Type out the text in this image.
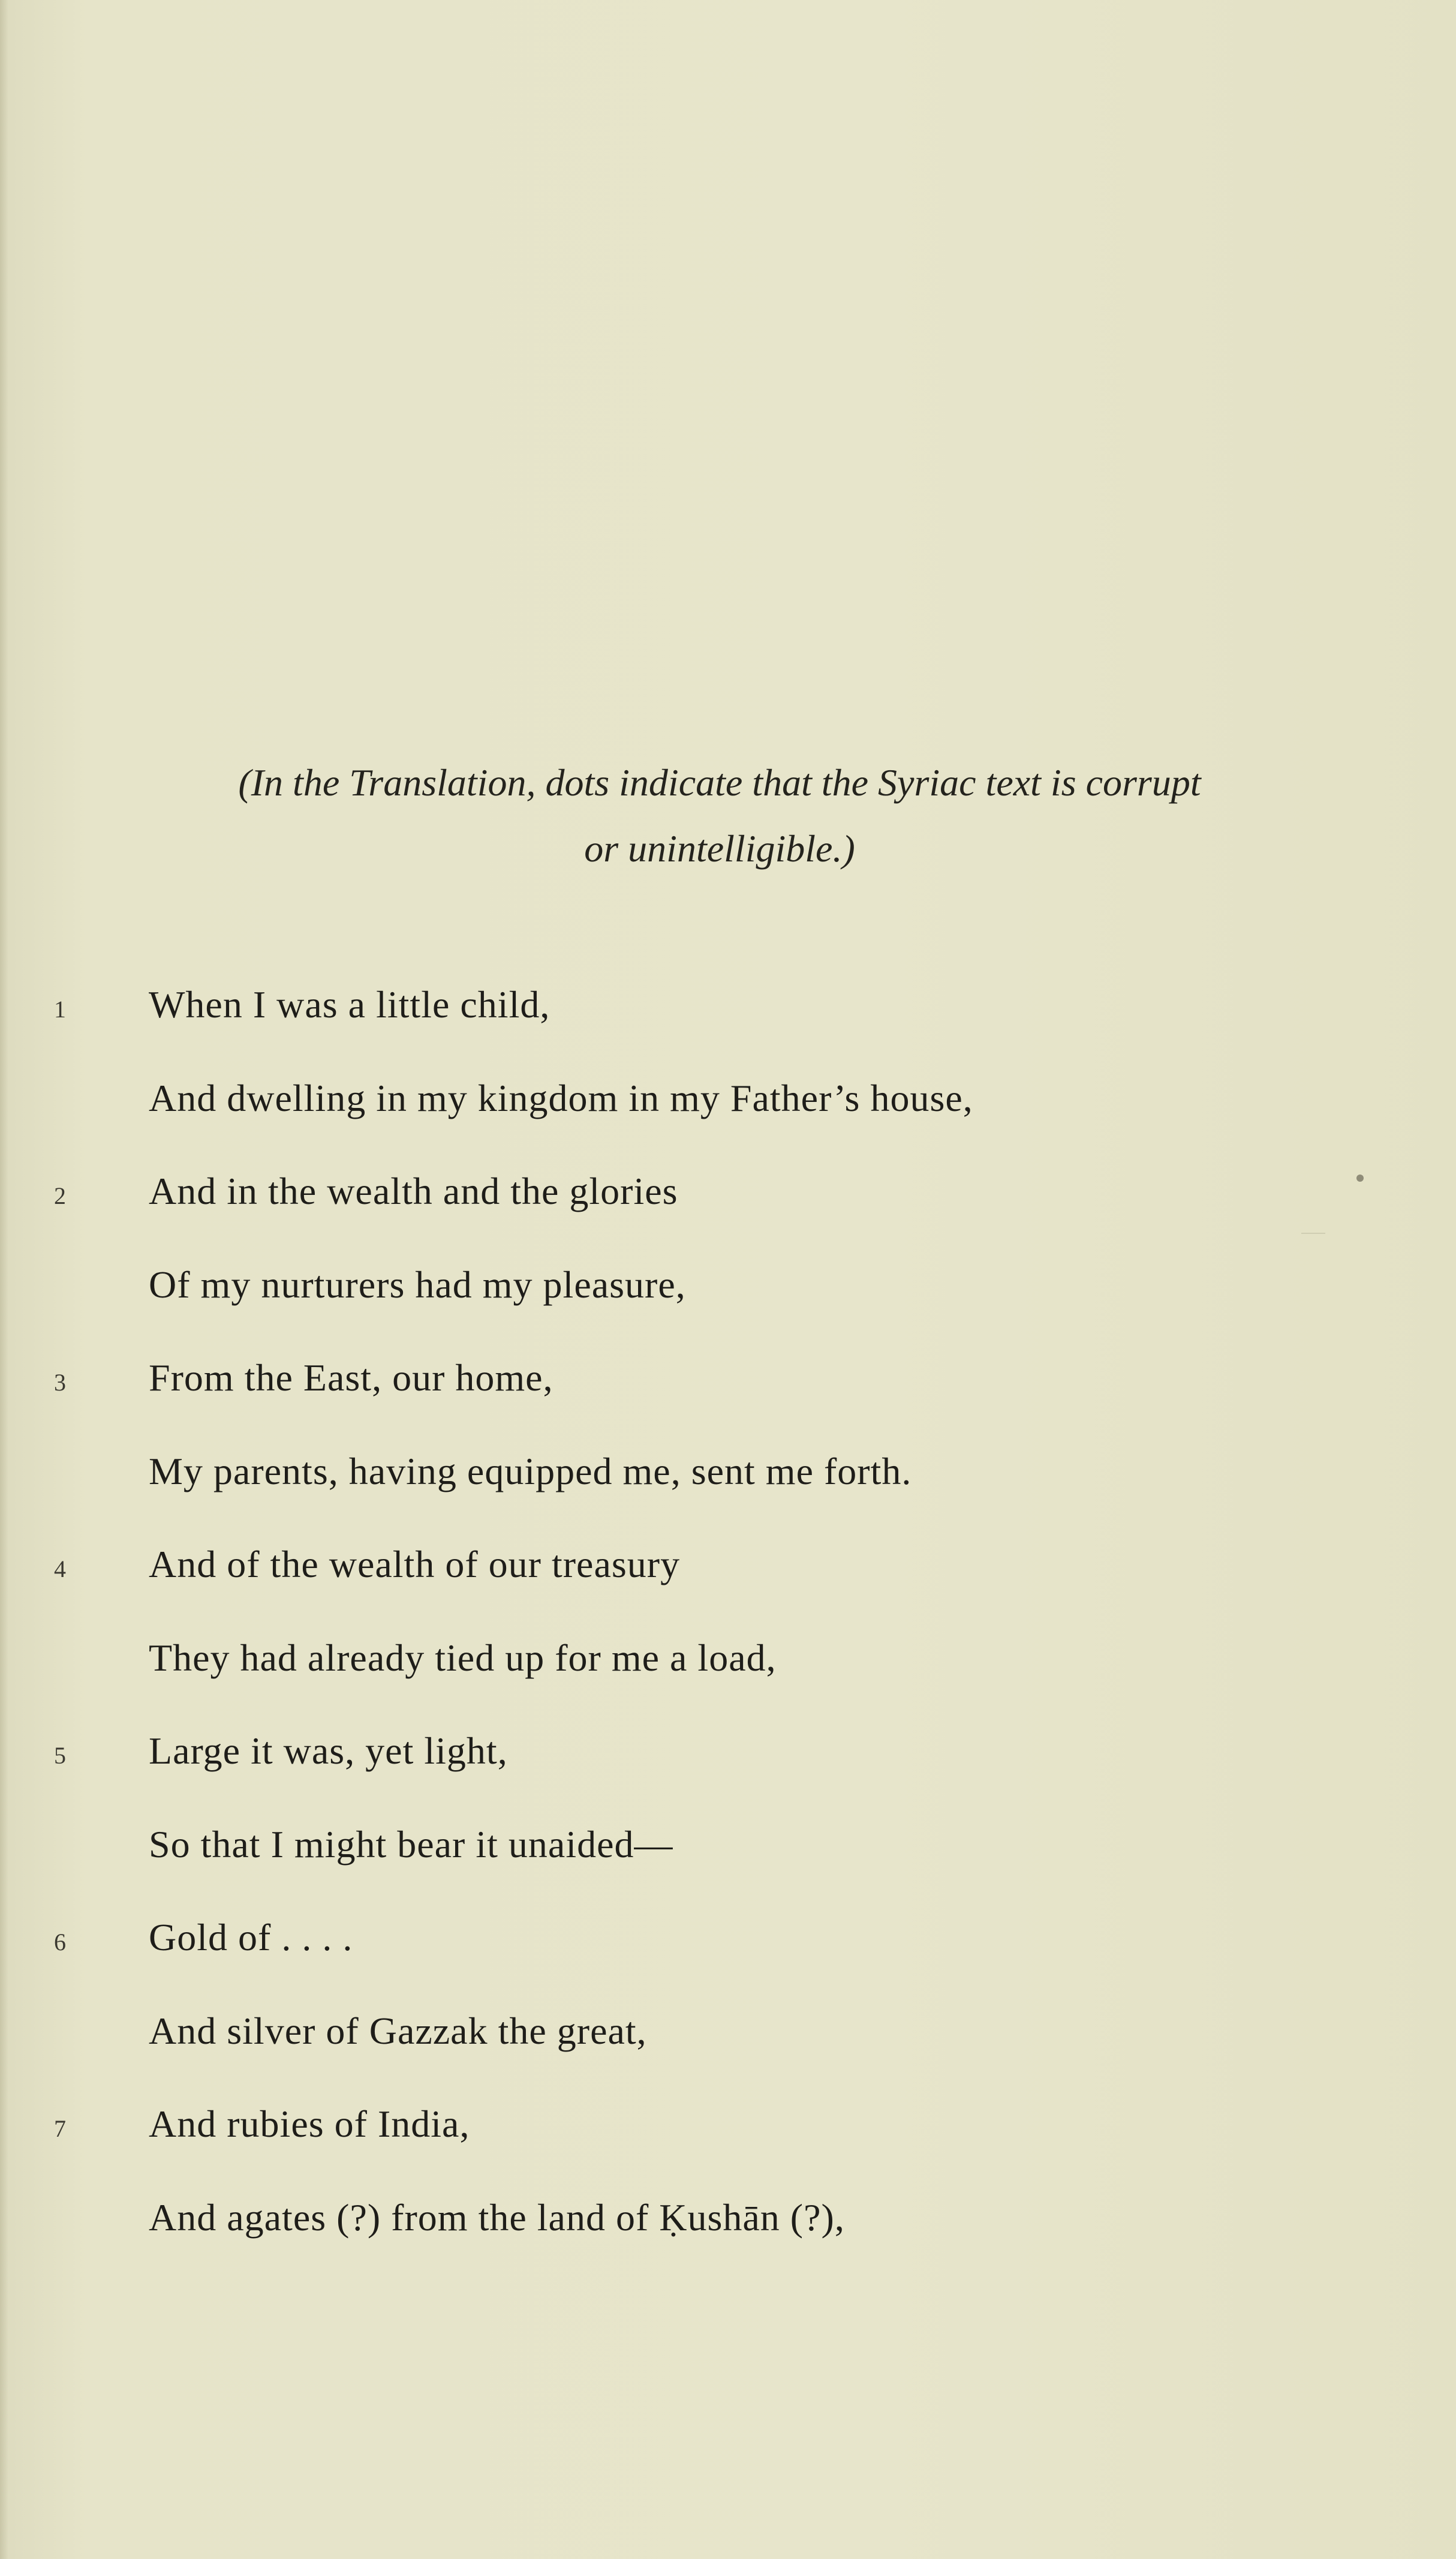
(In the Translation, dots indicate that the Syriac text is corrupt
or unintelligible.)
1	When I was a little child,
And dwelling in my kingdom in my Father’s house,
2	And in the wealth and the glories
Of my nurturers had my pleasure,
3	From the East, our home,
My parents, having equipped me, sent me forth.
4	And of the wealth of our treasury
They had already tied up for me a load,
5	Large it was, yet light,
So that I might bear it unaided—
6	Gold of . . . .
And silver of Gazzak the great,
7	And rubies of India,
And agates (?) from the land of Ḳushān (?),
